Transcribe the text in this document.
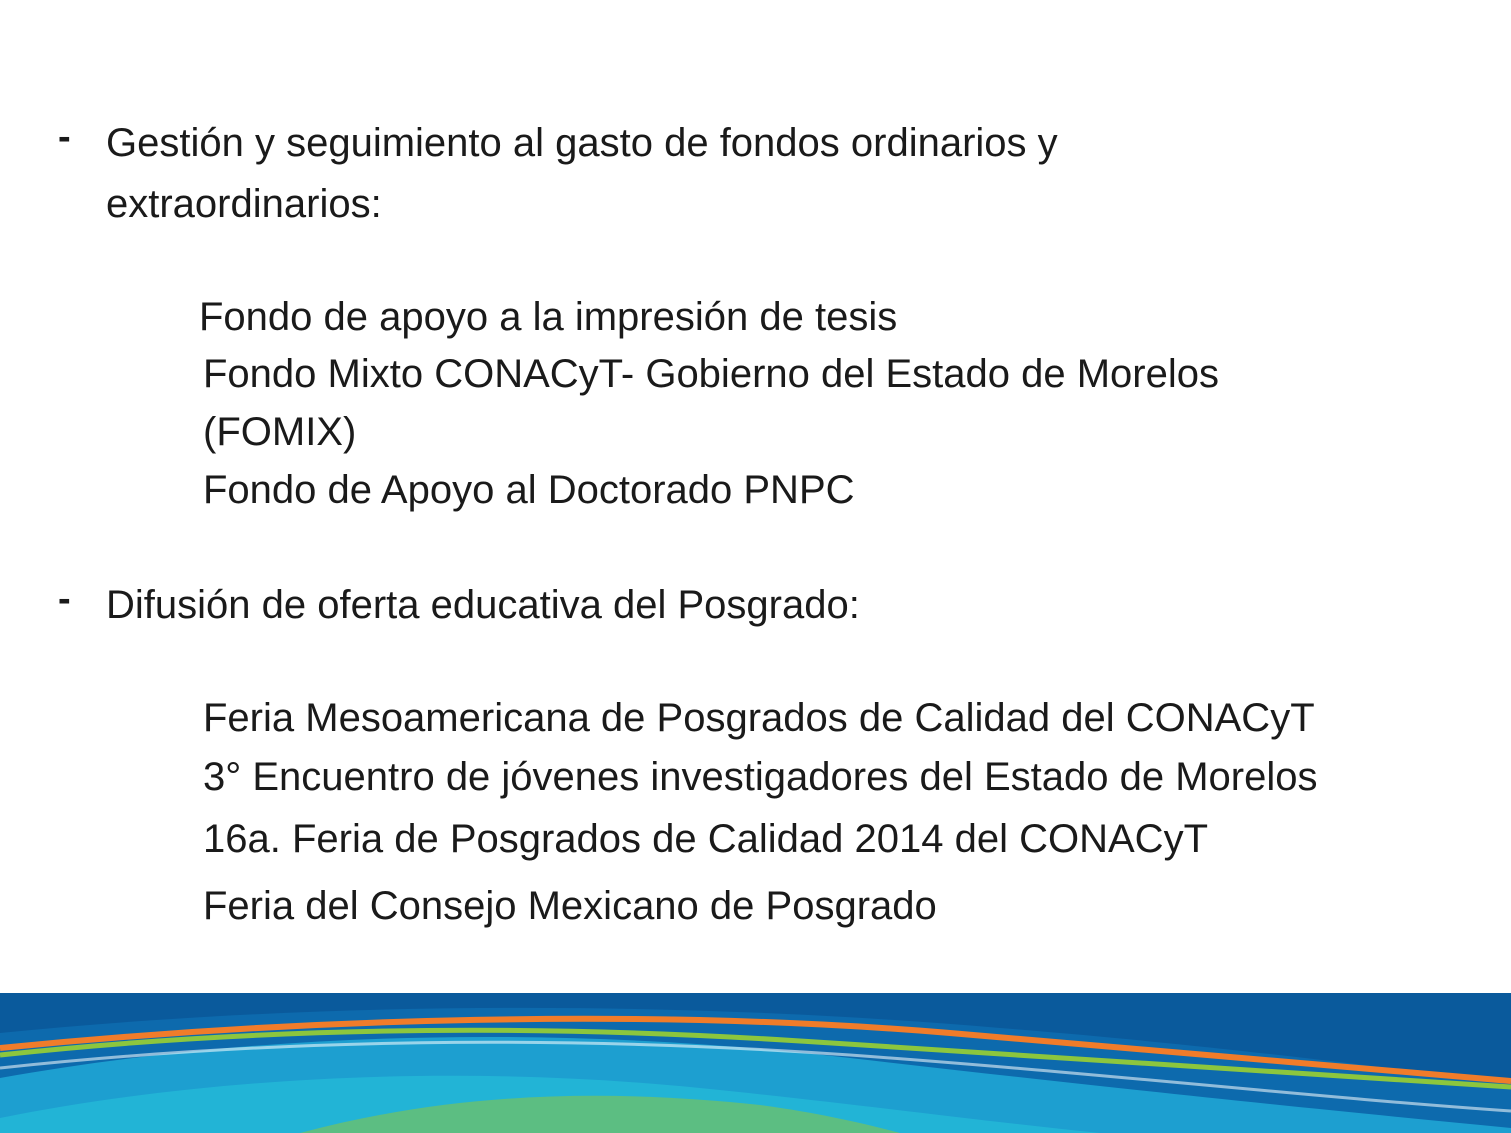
- Gestión y seguimiento al gasto de fondos ordinarios y
extraordinarios:
Fondo de apoyo a la impresión de tesis
Fondo Mixto CONACyT- Gobierno del Estado de Morelos
(FOMIX)
Fondo de Apoyo al Doctorado PNPC
- Difusión de oferta educativa del Posgrado:
Feria Mesoamericana de Posgrados de Calidad del CONACyT
3° Encuentro de jóvenes investigadores del Estado de Morelos
16a. Feria de Posgrados de Calidad 2014 del CONACyT
Feria del Consejo Mexicano de Posgrado
